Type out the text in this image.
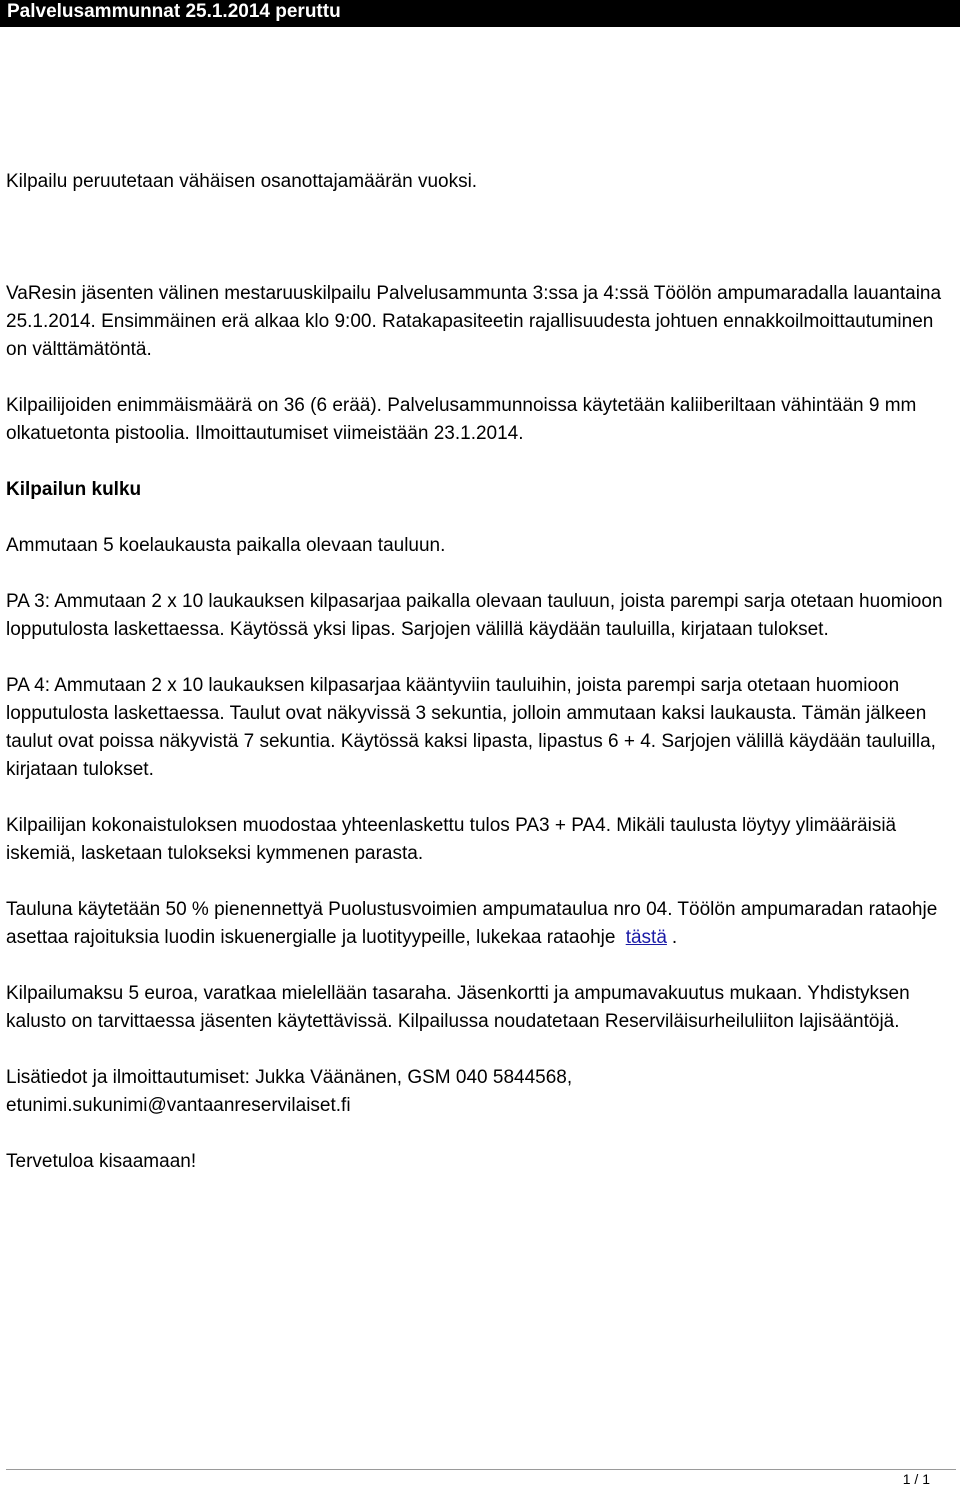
Palvelusammunnat 25.1.2014 peruttu

Kilpailu peruutetaan vähäisen osanottajamäärän vuoksi.

VaResin jäsenten välinen mestaruuskilpailu Palvelusammunta 3:ssa ja 4:ssä Töölön ampumaradalla lauantaina 25.1.2014. Ensimmäinen erä alkaa klo 9:00. Ratakapasiteetin rajallisuudesta johtuen ennakkoilmoittautuminen on välttämätöntä.

Kilpailijoiden enimmäismäärä on 36 (6 erää). Palvelusammunnoissa käytetään kaliiberiltaan vähintään 9 mm olkatuetonta pistoolia. Ilmoittautumiset viimeistään 23.1.2014.

Kilpailun kulku

Ammutaan 5 koelaukausta paikalla olevaan tauluun.

PA 3: Ammutaan 2 x 10 laukauksen kilpasarjaa paikalla olevaan tauluun, joista parempi sarja otetaan huomioon lopputulosta laskettaessa. Käytössä yksi lipas. Sarjojen välillä käydään tauluilla, kirjataan tulokset.

PA 4: Ammutaan 2 x 10 laukauksen kilpasarjaa kääntyviin tauluihin, joista parempi sarja otetaan huomioon lopputulosta laskettaessa. Taulut ovat näkyvissä 3 sekuntia, jolloin ammutaan kaksi laukausta. Tämän jälkeen taulut ovat poissa näkyvistä 7 sekuntia. Käytössä kaksi lipasta, lipastus 6 + 4. Sarjojen välillä käydään tauluilla, kirjataan tulokset.

Kilpailijan kokonaistuloksen muodostaa yhteenlaskettu tulos PA3 + PA4. Mikäli taulusta löytyy ylimääräisiä iskemiä, lasketaan tulokseksi kymmenen parasta.

Tauluna käytetään 50 % pienennettyä Puolustusvoimien ampumataulua nro 04. Töölön ampumaradan rataohje asettaa rajoituksia luodin iskuenergialle ja luotityypeille, lukekaa rataohje tästä .

Kilpailumaksu 5 euroa, varatkaa mielellään tasaraha. Jäsenkortti ja ampumavakuutus mukaan. Yhdistyksen kalusto on tarvittaessa jäsenten käytettävissä. Kilpailussa noudatetaan Reserviläisurheiluliiton lajisääntöjä.

Lisätiedot ja ilmoittautumiset: Jukka Väänänen, GSM 040 5844568,
etunimi.sukunimi@vantaanreservilaiset.fi

Tervetuloa kisaamaan!

1 / 1
